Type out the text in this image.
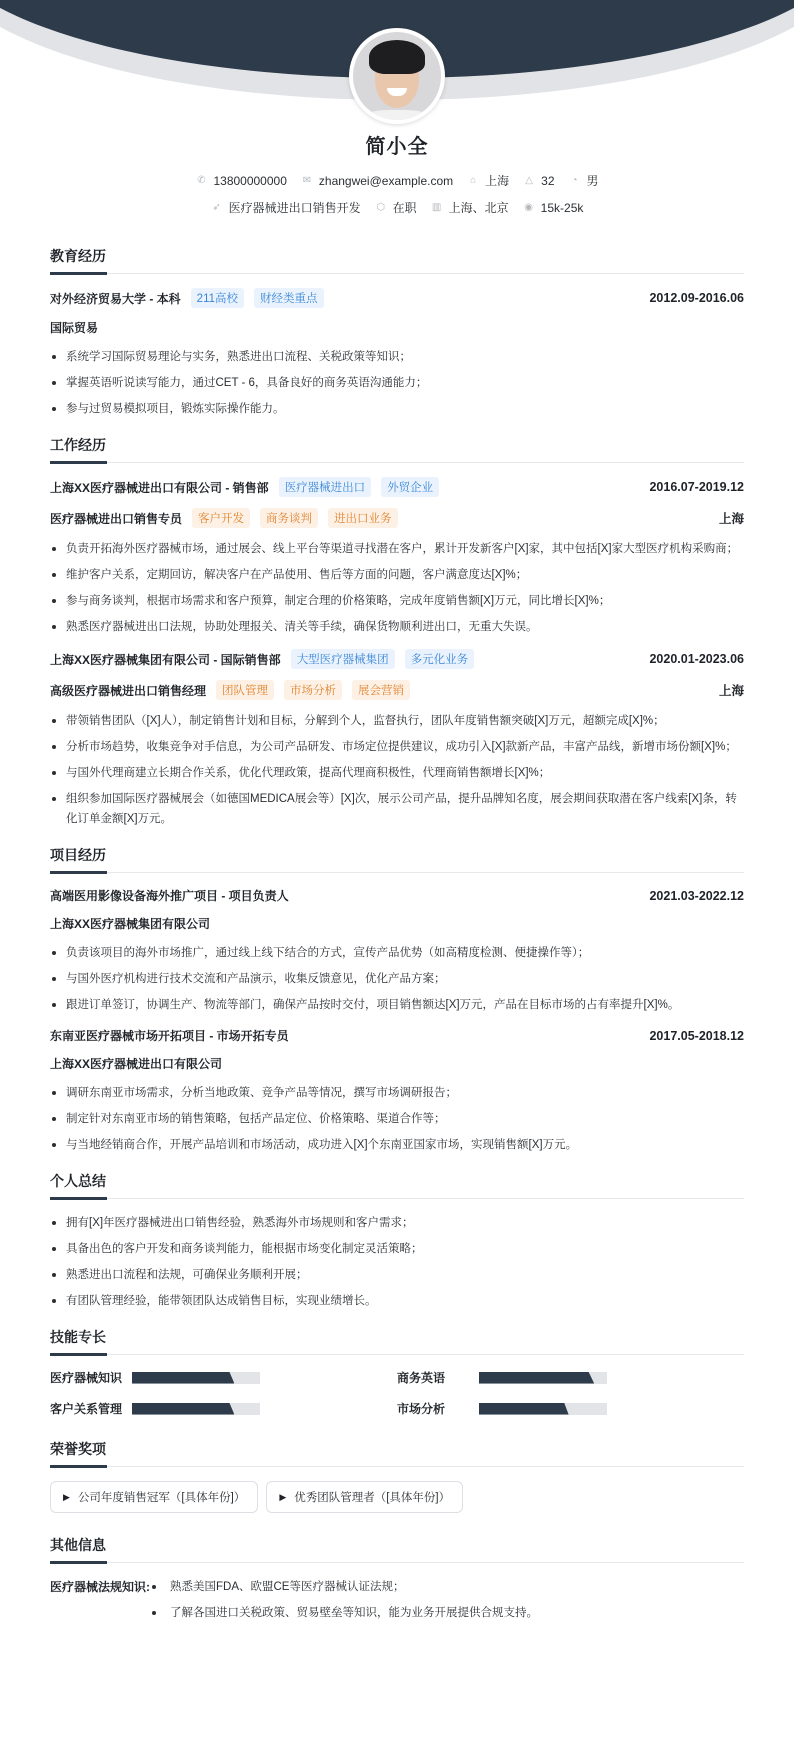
简小全
✆ 13800000000 ✉ zhangwei@example.com ⌂ 上海 △ 32 ◔ 男
➶ 医疗器械进出口销售开发 ⬡ 在职 ▥ 上海、北京 ◉ 15k-25k
教育经历
对外经济贸易大学 - 本科	211高校	财经类重点	2012.09-2016.06
国际贸易
系统学习国际贸易理论与实务，熟悉进出口流程、关税政策等知识；
掌握英语听说读写能力，通过CET - 6，具备良好的商务英语沟通能力；
参与过贸易模拟项目，锻炼实际操作能力。
工作经历
上海XX医疗器械进出口有限公司 - 销售部	医疗器械进出口	外贸企业	2016.07-2019.12
医疗器械进出口销售专员	客户开发	商务谈判	进出口业务	上海
负责开拓海外医疗器械市场，通过展会、线上平台等渠道寻找潜在客户，累计开发新客户[X]家，其中包括[X]家大型医疗机构采购商；
维护客户关系，定期回访，解决客户在产品使用、售后等方面的问题，客户满意度达[X]%；
参与商务谈判，根据市场需求和客户预算，制定合理的价格策略，完成年度销售额[X]万元，同比增长[X]%；
熟悉医疗器械进出口法规，协助处理报关、清关等手续，确保货物顺利进出口，无重大失误。
上海XX医疗器械集团有限公司 - 国际销售部	大型医疗器械集团	多元化业务	2020.01-2023.06
高级医疗器械进出口销售经理	团队管理	市场分析	展会营销	上海
带领销售团队（[X]人），制定销售计划和目标，分解到个人，监督执行，团队年度销售额突破[X]万元，超额完成[X]%；
分析市场趋势，收集竞争对手信息，为公司产品研发、市场定位提供建议，成功引入[X]款新产品，丰富产品线，新增市场份额[X]%；
与国外代理商建立长期合作关系，优化代理政策，提高代理商积极性，代理商销售额增长[X]%；
组织参加国际医疗器械展会（如德国MEDICA展会等）[X]次，展示公司产品，提升品牌知名度，展会期间获取潜在客户线索[X]条，转化订单金额[X]万元。
项目经历
高端医用影像设备海外推广项目 - 项目负责人	2021.03-2022.12
上海XX医疗器械集团有限公司
负责该项目的海外市场推广，通过线上线下结合的方式，宣传产品优势（如高精度检测、便捷操作等）；
与国外医疗机构进行技术交流和产品演示，收集反馈意见，优化产品方案；
跟进订单签订，协调生产、物流等部门，确保产品按时交付，项目销售额达[X]万元，产品在目标市场的占有率提升[X]%。
东南亚医疗器械市场开拓项目 - 市场开拓专员	2017.05-2018.12
上海XX医疗器械进出口有限公司
调研东南亚市场需求，分析当地政策、竞争产品等情况，撰写市场调研报告；
制定针对东南亚市场的销售策略，包括产品定位、价格策略、渠道合作等；
与当地经销商合作，开展产品培训和市场活动，成功进入[X]个东南亚国家市场，实现销售额[X]万元。
个人总结
拥有[X]年医疗器械进出口销售经验，熟悉海外市场规则和客户需求；
具备出色的客户开发和商务谈判能力，能根据市场变化制定灵活策略；
熟悉进出口流程和法规，可确保业务顺利开展；
有团队管理经验，能带领团队达成销售目标，实现业绩增长。
技能专长
医疗器械知识	商务英语
客户关系管理	市场分析
荣誉奖项
▶ 公司年度销售冠军（[具体年份]）	▶ 优秀团队管理者（[具体年份]）
其他信息
医疗器械法规知识:	熟悉美国FDA、欧盟CE等医疗器械认证法规；
了解各国进口关税政策、贸易壁垒等知识，能为业务开展提供合规支持。
